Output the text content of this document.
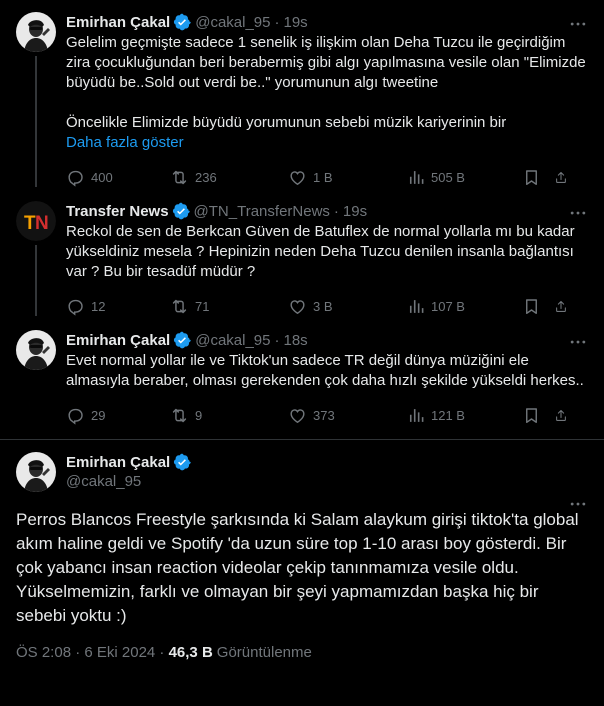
Emirhan Çakal @cakal_95 · 19s
Gelelim geçmişte sadece 1 senelik iş ilişkim olan Deha Tuzcu ile geçirdiğim zira çocukluğundan beri berabermiş gibi algı yapılmasına vesile olan "Elimizde büyüdü be..Sold out verdi be.." yorumunun algı tweetine

Öncelikle Elimizde büyüdü yorumunun sebebi müzik kariyerinin bir
Daha fazla göster
400	236	1 B	505 B
Transfer News @TN_TransferNews · 19s
Reckol de sen de Berkcan Güven de Batuflex de normal yollarla mı bu kadar yükseldiniz mesela ? Hepinizin neden Deha Tuzcu denilen insanla bağlantısı var ? Bu bir tesadüf müdür ?
12	71	3 B	107 B
Emirhan Çakal @cakal_95 · 18s
Evet normal yollar ile ve Tiktok'un sadece TR değil dünya müziğini ele almasıyla beraber, olması gerekenden çok daha hızlı şekilde yükseldi herkes..
29	9	373	121 B
Emirhan Çakal
@cakal_95
Perros Blancos Freestyle şarkısında ki Salam alaykum girişi tiktok'ta global akım haline geldi ve Spotify 'da uzun süre top 1-10 arası boy gösterdi. Bir çok yabancı insan reaction videolar çekip tanınmamıza vesile oldu. Yükselmemizin, farklı ve olmayan bir şeyi yapmamızdan başka hiç bir sebebi yoktu :)
ÖS 2:08 · 6 Eki 2024 · 46,3 B Görüntülenme
